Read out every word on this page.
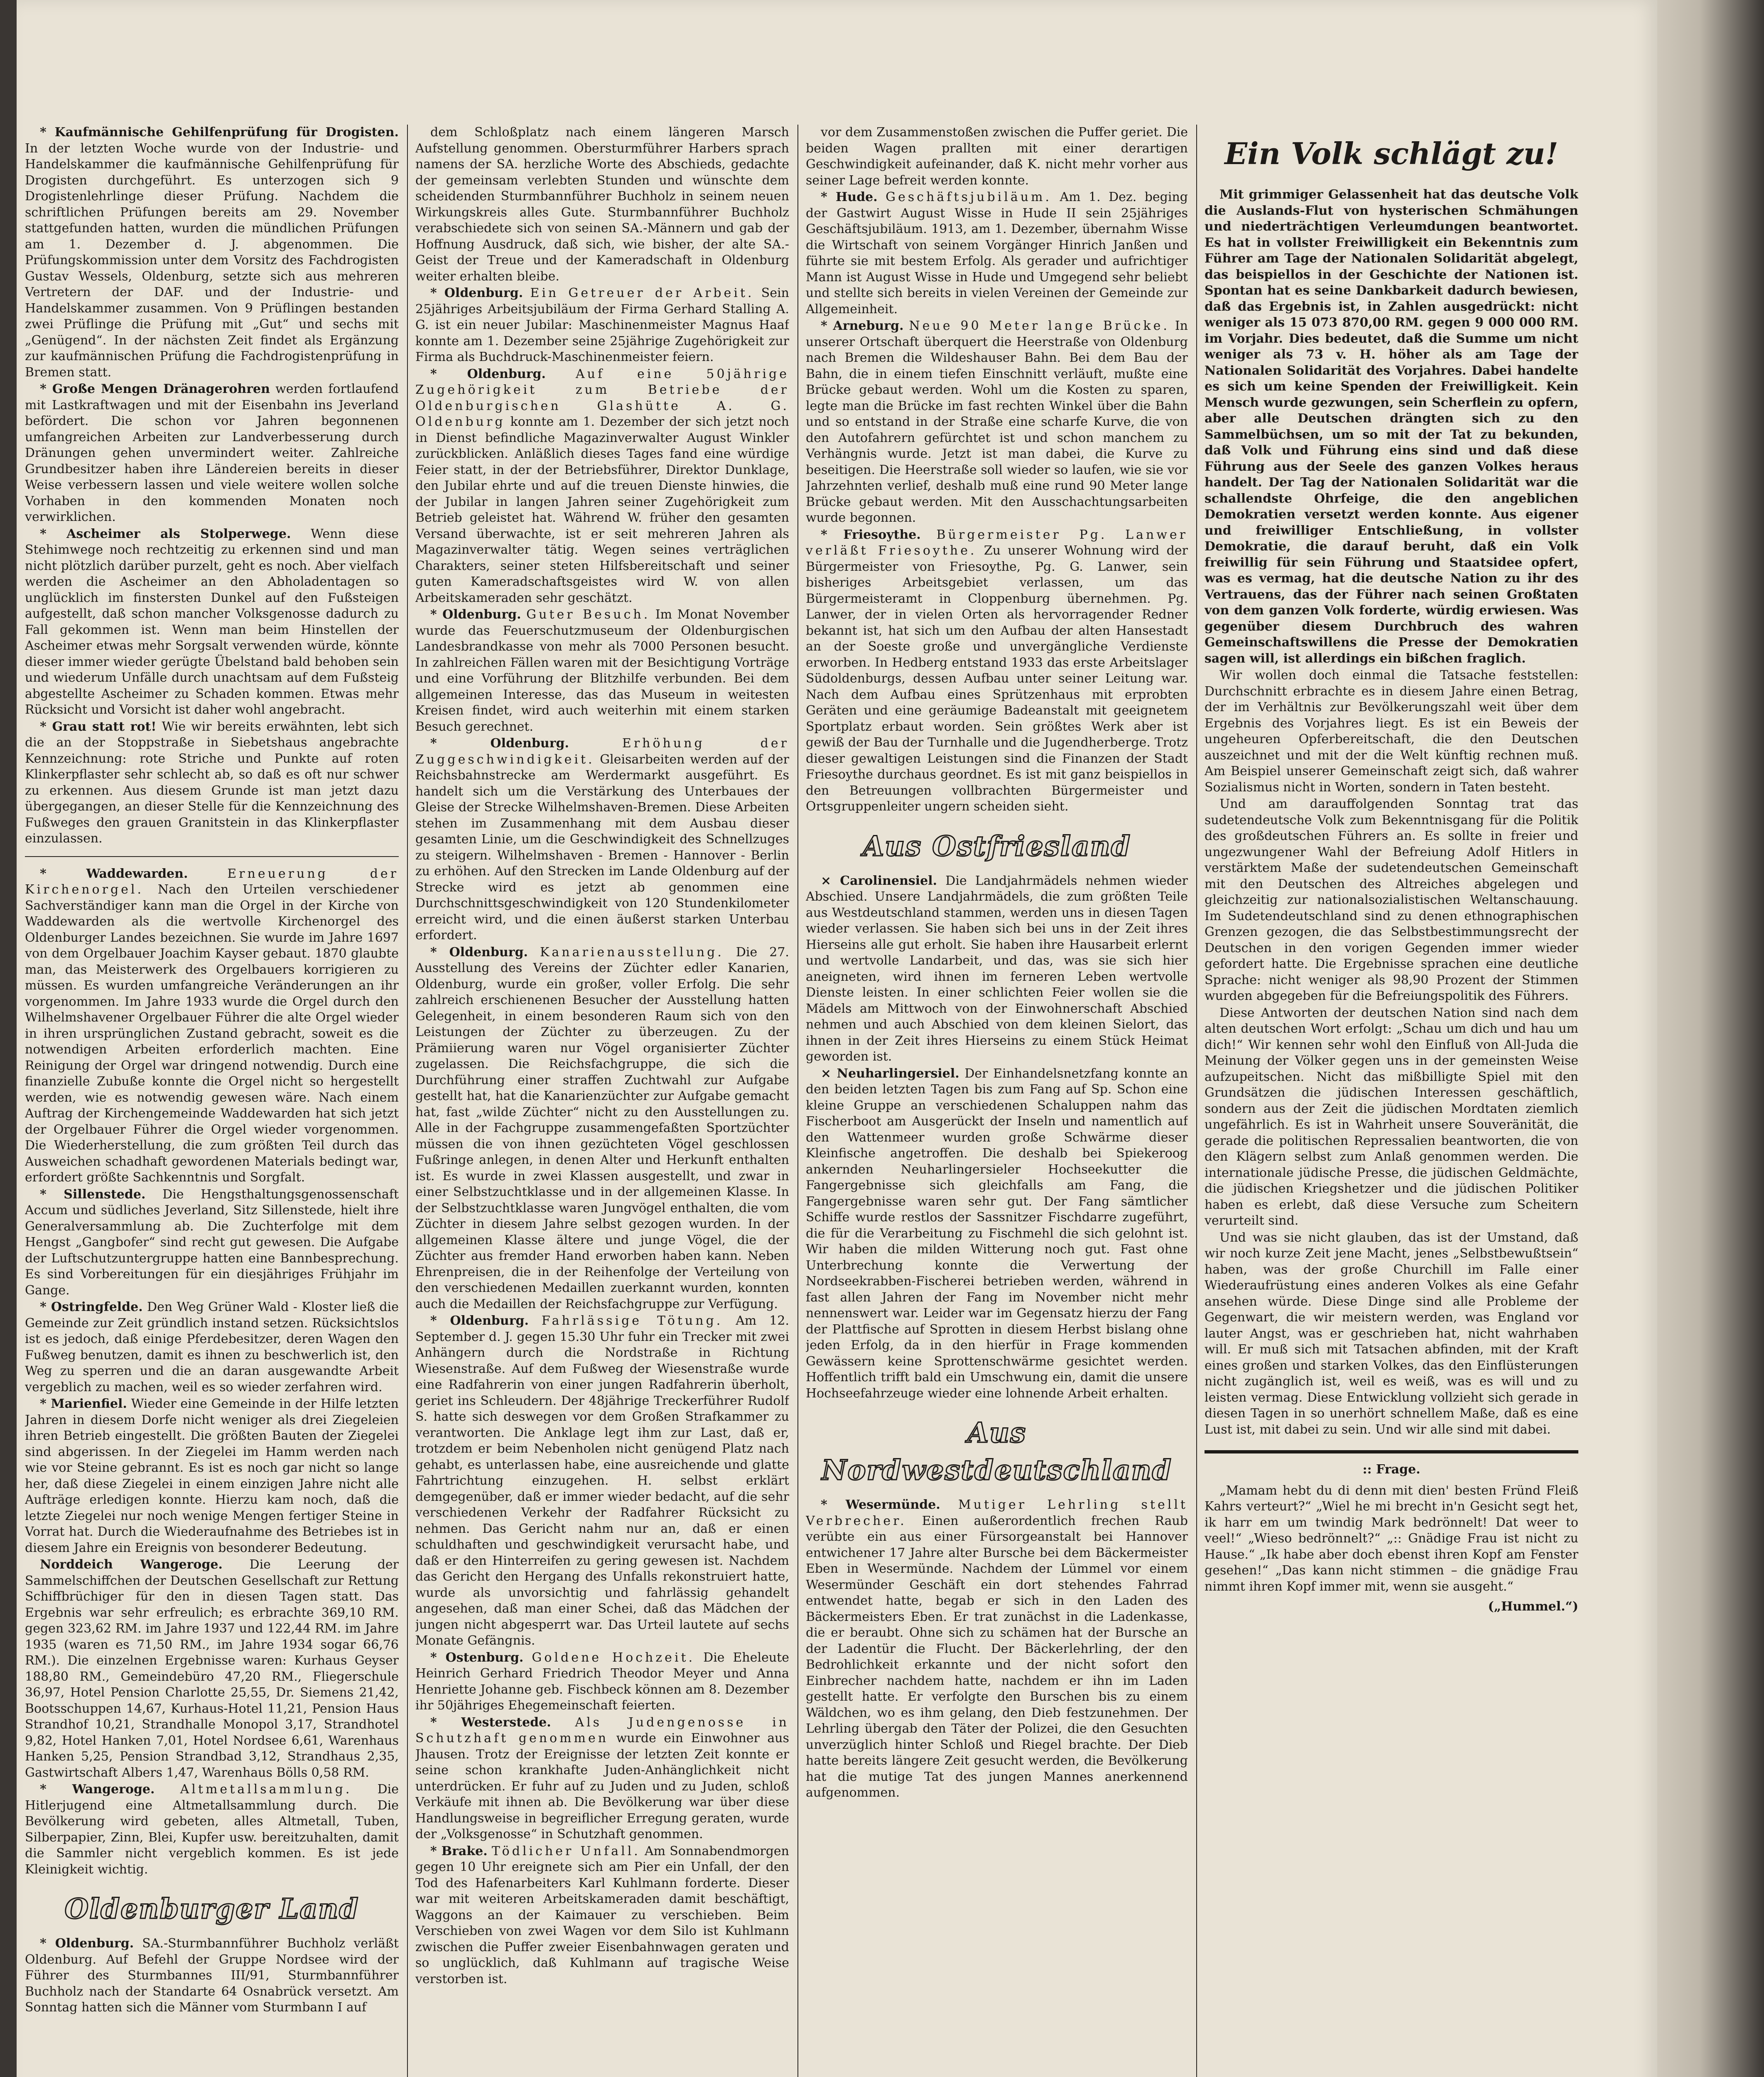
* Kaufmännische Gehilfenprüfung für Drogisten. In der letzten Woche wurde von der Industrie- und Handelskammer die kaufmännische Gehilfenprüfung für Drogisten durchgeführt. Es unterzogen sich 9 Drogistenlehrlinge dieser Prüfung. Nachdem die schriftlichen Prüfungen bereits am 29. November stattgefunden hatten, wurden die mündlichen Prüfungen am 1. Dezember d. J. abgenommen. Die Prüfungskommission unter dem Vorsitz des Fachdrogisten Gustav Wessels, Oldenburg, setzte sich aus mehreren Vertretern der DAF. und der Industrie- und Handelskammer zusammen. Von 9 Prüflingen bestanden zwei Prüflinge die Prüfung mit „Gut“ und sechs mit „Genügend“. In der nächsten Zeit findet als Ergänzung zur kaufmännischen Prüfung die Fachdrogistenprüfung in Bremen statt.

* Große Mengen Dränagerohren werden fortlaufend mit Lastkraftwagen und mit der Eisenbahn ins Jeverland befördert. Die schon vor Jahren begonnenen umfangreichen Arbeiten zur Landverbesserung durch Dränungen gehen unvermindert weiter. Zahlreiche Grundbesitzer haben ihre Ländereien bereits in dieser Weise verbessern lassen und viele weitere wollen solche Vorhaben in den kommenden Monaten noch verwirklichen.

* Ascheimer als Stolperwege. Wenn diese Stehimwege noch rechtzeitig zu erkennen sind und man nicht plötzlich darüber purzelt, geht es noch. Aber vielfach werden die Ascheimer an den Abholadentagen so unglücklich im finstersten Dunkel auf den Fußsteigen aufgestellt, daß schon mancher Volksgenosse dadurch zu Fall gekommen ist. Wenn man beim Hinstellen der Ascheimer etwas mehr Sorgsalt verwenden würde, könnte dieser immer wieder gerügte Übelstand bald behoben sein und wiederum Unfälle durch unachtsam auf dem Fußsteig abgestellte Ascheimer zu Schaden kommen. Etwas mehr Rücksicht und Vorsicht ist daher wohl angebracht.

* Grau statt rot! Wie wir bereits erwähnten, lebt sich die an der Stoppstraße in Siebetshaus angebrachte Kennzeichnung: rote Striche und Punkte auf roten Klinkerpflaster sehr schlecht ab, so daß es oft nur schwer zu erkennen. Aus diesem Grunde ist man jetzt dazu übergegangen, an dieser Stelle für die Kennzeichnung des Fußweges den grauen Granitstein in das Klinkerpflaster einzulassen.

* Waddewarden.	Erneuerung der Kirchenorgel. Nach den Urteilen verschiedener Sachverständiger kann man die Orgel in der Kirche von Waddewarden als die wertvolle Kirchenorgel des Oldenburger Landes bezeichnen. Sie wurde im Jahre 1697 von dem Orgelbauer Joachim Kayser gebaut. 1870 glaubte man, das Meisterwerk des Orgelbauers korrigieren zu müssen. Es wurden umfangreiche Veränderungen an ihr vorgenommen. Im Jahre 1933 wurde die Orgel durch den Wilhelmshavener Orgelbauer Führer die alte Orgel wieder in ihren ursprünglichen Zustand gebracht, soweit es die notwendigen Arbeiten erforderlich machten. Eine Reinigung der Orgel war dringend notwendig. Durch eine finanzielle Zubuße konnte die Orgel nicht so hergestellt werden, wie es notwendig gewesen wäre. Nach einem Auftrag der Kirchengemeinde Waddewarden hat sich jetzt der Orgelbauer Führer die Orgel wieder vorgenommen. Die Wiederherstellung, die zum größten Teil durch das Ausweichen schadhaft gewordenen Materials bedingt war, erfordert größte Sachkenntnis und Sorgfalt.

* Sillenstede. Die Hengsthaltungsgenossenschaft Accum und südliches Jeverland, Sitz Sillenstede, hielt ihre Generalversammlung ab. Die Zuchterfolge mit dem Hengst „Gangbofer“ sind recht gut gewesen. Die Aufgabe der Luftschutzuntergruppe hatten eine Bannbesprechung. Es sind Vorbereitungen für ein diesjähriges Frühjahr im Gange.

* Ostringfelde. Den Weg Grüner Wald - Kloster ließ die Gemeinde zur Zeit gründlich instand setzen. Rücksichtslos ist es jedoch, daß einige Pferdebesitzer, deren Wagen den Fußweg benutzen, damit es ihnen zu beschwerlich ist, den Weg zu sperren und die an daran ausgewandte Arbeit vergeblich zu machen, weil es so wieder zerfahren wird.

* Marienfiel. Wieder eine Gemeinde in der Hilfe letzten Jahren in diesem Dorfe nicht weniger als drei Ziegeleien ihren Betrieb eingestellt. Die größten Bauten der Ziegelei sind abgerissen. In der Ziegelei im Hamm werden nach wie vor Steine gebrannt. Es ist es noch gar nicht so lange her, daß diese Ziegelei in einem einzigen Jahre nicht alle Aufträge erledigen konnte. Hierzu kam noch, daß die letzte Ziegelei nur noch wenige Mengen fertiger Steine in Vorrat hat. Durch die Wiederaufnahme des Betriebes ist in diesem Jahre ein Ereignis von besonderer Bedeutung.

Norddeich Wangeroge. Die Leerung der Sammelschiffchen der Deutschen Gesellschaft zur Rettung Schiffbrüchiger für den in diesen Tagen statt. Das Ergebnis war sehr erfreulich; es erbrachte 369,10 RM. gegen 323,62 RM. im Jahre 1937 und 122,44 RM. im Jahre 1935 (waren es 71,50 RM., im Jahre 1934 sogar 66,76 RM.). Die einzelnen Ergebnisse waren: Kurhaus Geyser 188,80 RM., Gemeindebüro 47,20 RM., Fliegerschule 36,97, Hotel Pension Charlotte 25,55, Dr. Siemens 21,42, Bootsschuppen 14,67, Kurhaus-Hotel 11,21, Pension Haus Strandhof 10,21, Strandhalle Monopol 3,17, Strandhotel 9,82, Hotel Hanken 7,01, Hotel Nordsee 6,61, Warenhaus Hanken 5,25, Pension Strandbad 3,12, Strandhaus 2,35, Gastwirtschaft Albers 1,47, Warenhaus Bölls 0,58 RM.

* Wangeroge. Altmetallsammlung. Die Hitlerjugend eine Altmetallsammlung durch. Die Bevölkerung wird gebeten, alles Altmetall, Tuben, Silberpapier, Zinn, Blei, Kupfer usw. bereitzuhalten, damit die Sammler nicht vergeblich kommen. Es ist jede Kleinigkeit wichtig.

Oldenburger Land

* Oldenburg. SA.-Sturmbannführer Buchholz verläßt Oldenburg. Auf Befehl der Gruppe Nordsee wird der Führer des Sturmbannes III/91, Sturmbannführer Buchholz nach der Standarte 64 Osnabrück versetzt. Am Sonntag hatten sich die Männer vom Sturmbann I auf

dem Schloßplatz nach einem längeren Marsch Aufstellung genommen. Obersturmführer Harbers sprach namens der SA. herzliche Worte des Abschieds, gedachte der gemeinsam verlebten Stunden und wünschte dem scheidenden Sturmbannführer Buchholz in seinem neuen Wirkungskreis alles Gute. Sturmbannführer Buchholz verabschiedete sich von seinen SA.-Männern und gab der Hoffnung Ausdruck, daß sich, wie bisher, der alte SA.-Geist der Treue und der Kameradschaft in Oldenburg weiter erhalten bleibe.

* Oldenburg. Ein Getreuer der Arbeit. Sein 25jähriges Arbeitsjubiläum der Firma Gerhard Stalling A. G. ist ein neuer Jubilar: Maschinenmeister Magnus Haaf konnte am 1. Dezember seine 25jährige Zugehörigkeit zur Firma als Buchdruck-Maschinenmeister feiern.

* Oldenburg. Auf eine 50jährige Zugehörigkeit zum Betriebe der Oldenburgischen Glashütte A. G. Oldenburg konnte am 1. Dezember der sich jetzt noch in Dienst befindliche Magazinverwalter August Winkler zurückblicken. Anläßlich dieses Tages fand eine würdige Feier statt, in der der Betriebsführer, Direktor Dunklage, den Jubilar ehrte und auf die treuen Dienste hinwies, die der Jubilar in langen Jahren seiner Zugehörigkeit zum Betrieb geleistet hat. Während W. früher den gesamten Versand überwachte, ist er seit mehreren Jahren als Magazinverwalter tätig. Wegen seines verträglichen Charakters, seiner steten Hilfsbereitschaft und seiner guten Kameradschaftsgeistes wird W. von allen Arbeitskameraden sehr geschätzt.

* Oldenburg. Guter Besuch. Im Monat November wurde das Feuerschutzmuseum der Oldenburgischen Landesbrandkasse von mehr als 7000 Personen besucht. In zahlreichen Fällen waren mit der Besichtigung Vorträge und eine Vorführung der Blitzhilfe verbunden. Bei dem allgemeinen Interesse, das das Museum in weitesten Kreisen findet, wird auch weiterhin mit einem starken Besuch gerechnet.

* Oldenburg.	Erhöhung der Zuggeschwindigkeit. Gleisarbeiten werden auf der Reichsbahnstrecke am Werdermarkt ausgeführt. Es handelt sich um die Verstärkung des Unterbaues der Gleise der Strecke Wilhelmshaven-Bremen. Diese Arbeiten stehen im Zusammenhang mit dem Ausbau dieser gesamten Linie, um die Geschwindigkeit des Schnellzuges zu steigern. Wilhelmshaven - Bremen - Hannover - Berlin zu erhöhen. Auf den Strecken im Lande Oldenburg auf der Strecke wird es jetzt ab genommen eine Durchschnittsgeschwindigkeit von 120 Stundenkilometer erreicht wird, und die einen äußerst starken Unterbau erfordert.

* Oldenburg. Kanarienausstellung. Die 27. Ausstellung des Vereins der Züchter edler Kanarien, Oldenburg, wurde ein großer, voller Erfolg. Die sehr zahlreich erschienenen Besucher der Ausstellung hatten Gelegenheit, in einem besonderen Raum sich von den Leistungen der Züchter zu überzeugen. Zu der Prämiierung waren nur Vögel organisierter Züchter zugelassen. Die Reichsfachgruppe, die sich die Durchführung einer straffen Zuchtwahl zur Aufgabe gestellt hat, hat die Kanarienzüchter zur Aufgabe gemacht hat, fast „wilde Züchter“ nicht zu den Ausstellungen zu. Alle in der Fachgruppe zusammengefaßten Sportzüchter müssen die von ihnen gezüchteten Vögel geschlossen Fußringe anlegen, in denen Alter und Herkunft enthalten ist. Es wurde in zwei Klassen ausgestellt, und zwar in einer Selbstzuchtklasse und in der allgemeinen Klasse. In der Selbstzuchtklasse waren Jungvögel enthalten, die vom Züchter in diesem Jahre selbst gezogen wurden. In der allgemeinen Klasse ältere und junge Vögel, die der Züchter aus fremder Hand erworben haben kann. Neben Ehrenpreisen, die in der Reihenfolge der Verteilung von den verschiedenen Medaillen zuerkannt wurden, konnten auch die Medaillen der Reichsfachgruppe zur Verfügung.

* Oldenburg. Fahrlässige Tötung. Am 12. September d. J. gegen 15.30 Uhr fuhr ein Trecker mit zwei Anhängern durch die Nordstraße in Richtung Wiesenstraße. Auf dem Fußweg der Wiesenstraße wurde eine Radfahrerin von einer jungen Radfahrerin überholt, geriet ins Schleudern. Der 48jährige Treckerführer Rudolf S. hatte sich deswegen vor dem Großen Strafkammer zu verantworten. Die Anklage legt ihm zur Last, daß er, trotzdem er beim Nebenholen nicht genügend Platz nach gehabt, es unterlassen habe, eine ausreichende und glatte Fahrtrichtung einzugehen. H. selbst erklärt demgegenüber, daß er immer wieder bedacht, auf die sehr verschiedenen Verkehr der Radfahrer Rücksicht zu nehmen. Das Gericht nahm nur an, daß er einen schuldhaften und geschwindigkeit verursacht habe, und daß er den Hinterreifen zu gering gewesen ist. Nachdem das Gericht den Hergang des Unfalls rekonstruiert hatte, wurde als unvorsichtig und fahrlässig gehandelt angesehen, daß man einer Schei, daß das Mädchen der jungen nicht abgesperrt war. Das Urteil lautete auf sechs Monate Gefängnis.

* Ostenburg. Goldene Hochzeit. Die Eheleute Heinrich Gerhard Friedrich Theodor Meyer und Anna Henriette Johanne geb. Fischbeck können am 8. Dezember ihr 50jähriges Ehegemeinschaft feierten.

* Westerstede. Als Judengenosse in Schutzhaft genommen wurde ein Einwohner aus Jhausen. Trotz der Ereignisse der letzten Zeit konnte er seine schon krankhafte Juden-Anhänglichkeit nicht unterdrücken. Er fuhr auf zu Juden und zu Juden, schloß Verkäufe mit ihnen ab. Die Bevölkerung war über diese Handlungsweise in begreiflicher Erregung geraten, wurde der „Volksgenosse“ in Schutzhaft genommen.

* Brake. Tödlicher Unfall. Am Sonnabendmorgen gegen 10 Uhr ereignete sich am Pier ein Unfall, der den Tod des Hafenarbeiters Karl Kuhlmann forderte. Dieser war mit weiteren Arbeitskameraden damit beschäftigt, Waggons an der Kaimauer zu verschieben. Beim Verschieben von zwei Wagen vor dem Silo ist Kuhlmann zwischen die Puffer zweier Eisenbahnwagen geraten und so unglücklich, daß Kuhlmann auf tragische Weise verstorben ist.

vor dem Zusammenstoßen zwischen die Puffer geriet. Die beiden Wagen prallten mit einer derartigen Geschwindigkeit aufeinander, daß K. nicht mehr vorher aus seiner Lage befreit werden konnte.

* Hude. Geschäftsjubiläum. Am 1. Dez. beging der Gastwirt August Wisse in Hude II sein 25jähriges Geschäftsjubiläum. 1913, am 1. Dezember, übernahm Wisse die Wirtschaft von seinem Vorgänger Hinrich Janßen und führte sie mit bestem Erfolg. Als gerader und aufrichtiger Mann ist August Wisse in Hude und Umgegend sehr beliebt und stellte sich bereits in vielen Vereinen der Gemeinde zur Allgemeinheit.

* Arneburg. Neue 90 Meter lange Brücke. In unserer Ortschaft überquert die Heerstraße von Oldenburg nach Bremen die Wildeshauser Bahn. Bei dem Bau der Bahn, die in einem tiefen Einschnitt verläuft, mußte eine Brücke gebaut werden. Wohl um die Kosten zu sparen, legte man die Brücke im fast rechten Winkel über die Bahn und so entstand in der Straße eine scharfe Kurve, die von den Autofahrern gefürchtet ist und schon manchem zu Verhängnis wurde. Jetzt ist man dabei, die Kurve zu beseitigen. Die Heerstraße soll wieder so laufen, wie sie vor Jahrzehnten verlief, deshalb muß eine rund 90 Meter lange Brücke gebaut werden. Mit den Ausschachtungsarbeiten wurde begonnen.

* Friesoythe. Bürgermeister Pg. Lanwer verläßt Friesoythe. Zu unserer Wohnung wird der Bürgermeister von Friesoythe, Pg. G. Lanwer, sein bisheriges Arbeitsgebiet verlassen, um das Bürgermeisteramt in Cloppenburg übernehmen. Pg. Lanwer, der in vielen Orten als hervorragender Redner bekannt ist, hat sich um den Aufbau der alten Hansestadt an der Soeste große und unvergängliche Verdienste erworben. In Hedberg entstand 1933 das erste Arbeitslager Südoldenburgs, dessen Aufbau unter seiner Leitung war. Nach dem Aufbau eines Sprützenhaus mit erprobten Geräten und eine geräumige Badeanstalt mit geeignetem Sportplatz erbaut worden. Sein größtes Werk aber ist gewiß der Bau der Turnhalle und die Jugendherberge. Trotz dieser gewaltigen Leistungen sind die Finanzen der Stadt Friesoythe durchaus geordnet. Es ist mit ganz beispiellos in den Betreuungen vollbrachten Bürgermeister und Ortsgruppenleiter ungern scheiden sieht.

Aus Ostfriesland

× Carolinensiel. Die Landjahrmädels nehmen wieder Abschied. Unsere Landjahrmädels, die zum größten Teile aus Westdeutschland stammen, werden uns in diesen Tagen wieder verlassen. Sie haben sich bei uns in der Zeit ihres Hierseins alle gut erholt. Sie haben ihre Hausarbeit erlernt und wertvolle Landarbeit, und das, was sie sich hier aneigneten, wird ihnen im ferneren Leben wertvolle Dienste leisten. In einer schlichten Feier wollen sie die Mädels am Mittwoch von der Einwohnerschaft Abschied nehmen und auch Abschied von dem kleinen Sielort, das ihnen in der Zeit ihres Hierseins zu einem Stück Heimat geworden ist.

× Neuharlingersiel. Der Einhandelsnetzfang konnte an den beiden letzten Tagen bis zum Fang auf Sp. Schon eine kleine Gruppe an verschiedenen Schaluppen nahm das Fischerboot am Ausgerückt der Inseln und namentlich auf den Wattenmeer wurden große Schwärme dieser Kleinfische angetroffen. Die deshalb bei Spiekeroog ankernden Neuharlingersieler Hochseekutter die Fangergebnisse sich gleichfalls am Fang, die Fangergebnisse waren sehr gut. Der Fang sämtlicher Schiffe wurde restlos der Sassnitzer Fischdarre zugeführt, die für die Verarbeitung zu Fischmehl die sich gelohnt ist. Wir haben die milden Witterung noch gut. Fast ohne Unterbrechung konnte die Verwertung der Nordseekrabben-Fischerei betrieben werden, während in fast allen Jahren der Fang im November nicht mehr nennenswert war. Leider war im Gegensatz hierzu der Fang der Plattfische auf Sprotten in diesem Herbst bislang ohne jeden Erfolg, da in den hierfür in Frage kommenden Gewässern keine Sprottenschwärme gesichtet werden. Hoffentlich trifft bald ein Umschwung ein, damit die unsere Hochseefahrzeuge wieder eine lohnende Arbeit erhalten.

Aus Nordwestdeutschland

* Wesermünde. Mutiger Lehrling stellt Verbrecher. Einen außerordentlich frechen Raub verübte ein aus einer Fürsorgeanstalt bei Hannover entwichener 17 Jahre alter Bursche bei dem Bäckermeister Eben in Wesermünde. Nachdem der Lümmel vor einem Wesermünder Geschäft ein dort stehendes Fahrrad entwendet hatte, begab er sich in den Laden des Bäckermeisters Eben. Er trat zunächst in die Ladenkasse, die er beraubt. Ohne sich zu schämen hat der Bursche an der Ladentür die Flucht. Der Bäckerlehrling, der den Bedrohlichkeit erkannte und der nicht sofort den Einbrecher nachdem hatte, nachdem er ihn im Laden gestellt hatte. Er verfolgte den Burschen bis zu einem Wäldchen, wo es ihm gelang, den Dieb festzunehmen. Der Lehrling übergab den Täter der Polizei, die den Gesuchten unverzüglich hinter Schloß und Riegel brachte. Der Dieb hatte bereits längere Zeit gesucht werden, die Bevölkerung hat die mutige Tat des jungen Mannes anerkennend aufgenommen.

Ein Volk schlägt zu!

Mit grimmiger Gelassenheit hat das deutsche Volk die Auslands-Flut von hysterischen Schmähungen und niederträchtigen Verleumdungen beantwortet. Es hat in vollster Freiwilligkeit ein Bekenntnis zum Führer am Tage der Nationalen Solidarität abgelegt, das beispiellos in der Geschichte der Nationen ist. Spontan hat es seine Dankbarkeit dadurch bewiesen, daß das Ergebnis ist, in Zahlen ausgedrückt: nicht weniger als 15 073 870,00 RM. gegen 9 000 000 RM. im Vorjahr. Dies bedeutet, daß die Summe um nicht weniger als 73 v. H. höher als am Tage der Nationalen Solidarität des Vorjahres. Dabei handelte es sich um keine Spenden der Freiwilligkeit. Kein Mensch wurde gezwungen, sein Scherflein zu opfern, aber alle Deutschen drängten sich zu den Sammelbüchsen, um so mit der Tat zu bekunden, daß Volk und Führung eins sind und daß diese Führung aus der Seele des ganzen Volkes heraus handelt. Der Tag der Nationalen Solidarität war die schallendste Ohrfeige, die den angeblichen Demokratien versetzt werden konnte. Aus eigener und freiwilliger Entschließung, in vollster Demokratie, die darauf beruht, daß ein Volk freiwillig für sein Führung und Staatsidee opfert, was es vermag, hat die deutsche Nation zu ihr des Vertrauens, das der Führer nach seinen Großtaten von dem ganzen Volk forderte, würdig erwiesen. Was gegenüber diesem Durchbruch des wahren Gemeinschaftswillens die Presse der Demokratien sagen will, ist allerdings ein bißchen fraglich.

Wir wollen doch einmal die Tatsache feststellen: Durchschnitt erbrachte es in diesem Jahre einen Betrag, der im Verhältnis zur Bevölkerungszahl weit über dem Ergebnis des Vorjahres liegt. Es ist ein Beweis der ungeheuren Opferbereitschaft, die den Deutschen auszeichnet und mit der die Welt künftig rechnen muß. Am Beispiel unserer Gemeinschaft zeigt sich, daß wahrer Sozialismus nicht in Worten, sondern in Taten besteht.

Und am darauffolgenden Sonntag trat das sudetendeutsche Volk zum Bekenntnisgang für die Politik des großdeutschen Führers an. Es sollte in freier und ungezwungener Wahl der Befreiung Adolf Hitlers in verstärktem Maße der sudetendeutschen Gemeinschaft mit den Deutschen des Altreiches abgelegen und gleichzeitig zur nationalsozialistischen Weltanschauung. Im Sudetendeutschland sind zu denen ethnographischen Grenzen gezogen, die das Selbstbestimmungsrecht der Deutschen in den vorigen Gegenden immer wieder gefordert hatte. Die Ergebnisse sprachen eine deutliche Sprache: nicht weniger als 98,90 Prozent der Stimmen wurden abgegeben für die Befreiungspolitik des Führers.

Diese Antworten der deutschen Nation sind nach dem alten deutschen Wort erfolgt: „Schau um dich und hau um dich!“ Wir kennen sehr wohl den Einfluß von All-Juda die Meinung der Völker gegen uns in der gemeinsten Weise aufzupeitschen. Nicht das mißbilligte Spiel mit den Grundsätzen die jüdischen Interessen geschäftlich, sondern aus der Zeit die jüdischen Mordtaten ziemlich ungefährlich. Es ist in Wahrheit unsere Souveränität, die gerade die politischen Repressalien beantworten, die von den Klägern selbst zum Anlaß genommen werden. Die internationale jüdische Presse, die jüdischen Geldmächte, die jüdischen Kriegshetzer und die jüdischen Politiker haben es erlebt, daß diese Versuche zum Scheitern verurteilt sind.

Und was sie nicht glauben, das ist der Umstand, daß wir noch kurze Zeit jene Macht, jenes „Selbstbewußtsein“ haben, was der große Churchill im Falle einer Wiederaufrüstung eines anderen Volkes als eine Gefahr ansehen würde. Diese Dinge sind alle Probleme der Gegenwart, die wir meistern werden, was England vor lauter Angst, was er geschrieben hat, nicht wahrhaben will. Er muß sich mit Tatsachen abfinden, mit der Kraft eines großen und starken Volkes, das den Einflüsterungen nicht zugänglich ist, weil es weiß, was es will und zu leisten vermag. Diese Entwicklung vollzieht sich gerade in diesen Tagen in so unerhört schnellem Maße, daß es eine Lust ist, mit dabei zu sein. Und wir alle sind mit dabei.

:: Frage.

„Mamam hebt du di denn mit dien' besten Fründ Fleiß Kahrs verteurt?“ „Wiel he mi brecht in'n Gesicht segt het, ik harr em um twindig Mark bedrönnelt! Dat weer to veel!“ „Wieso bedrönnelt?“ „:: Gnädige Frau ist nicht zu Hause.“ „Ik habe aber doch ebenst ihren Kopf am Fenster gesehen!“ „Das kann nicht stimmen – die gnädige Frau nimmt ihren Kopf immer mit, wenn sie ausgeht.“

(„Hummel.“)
